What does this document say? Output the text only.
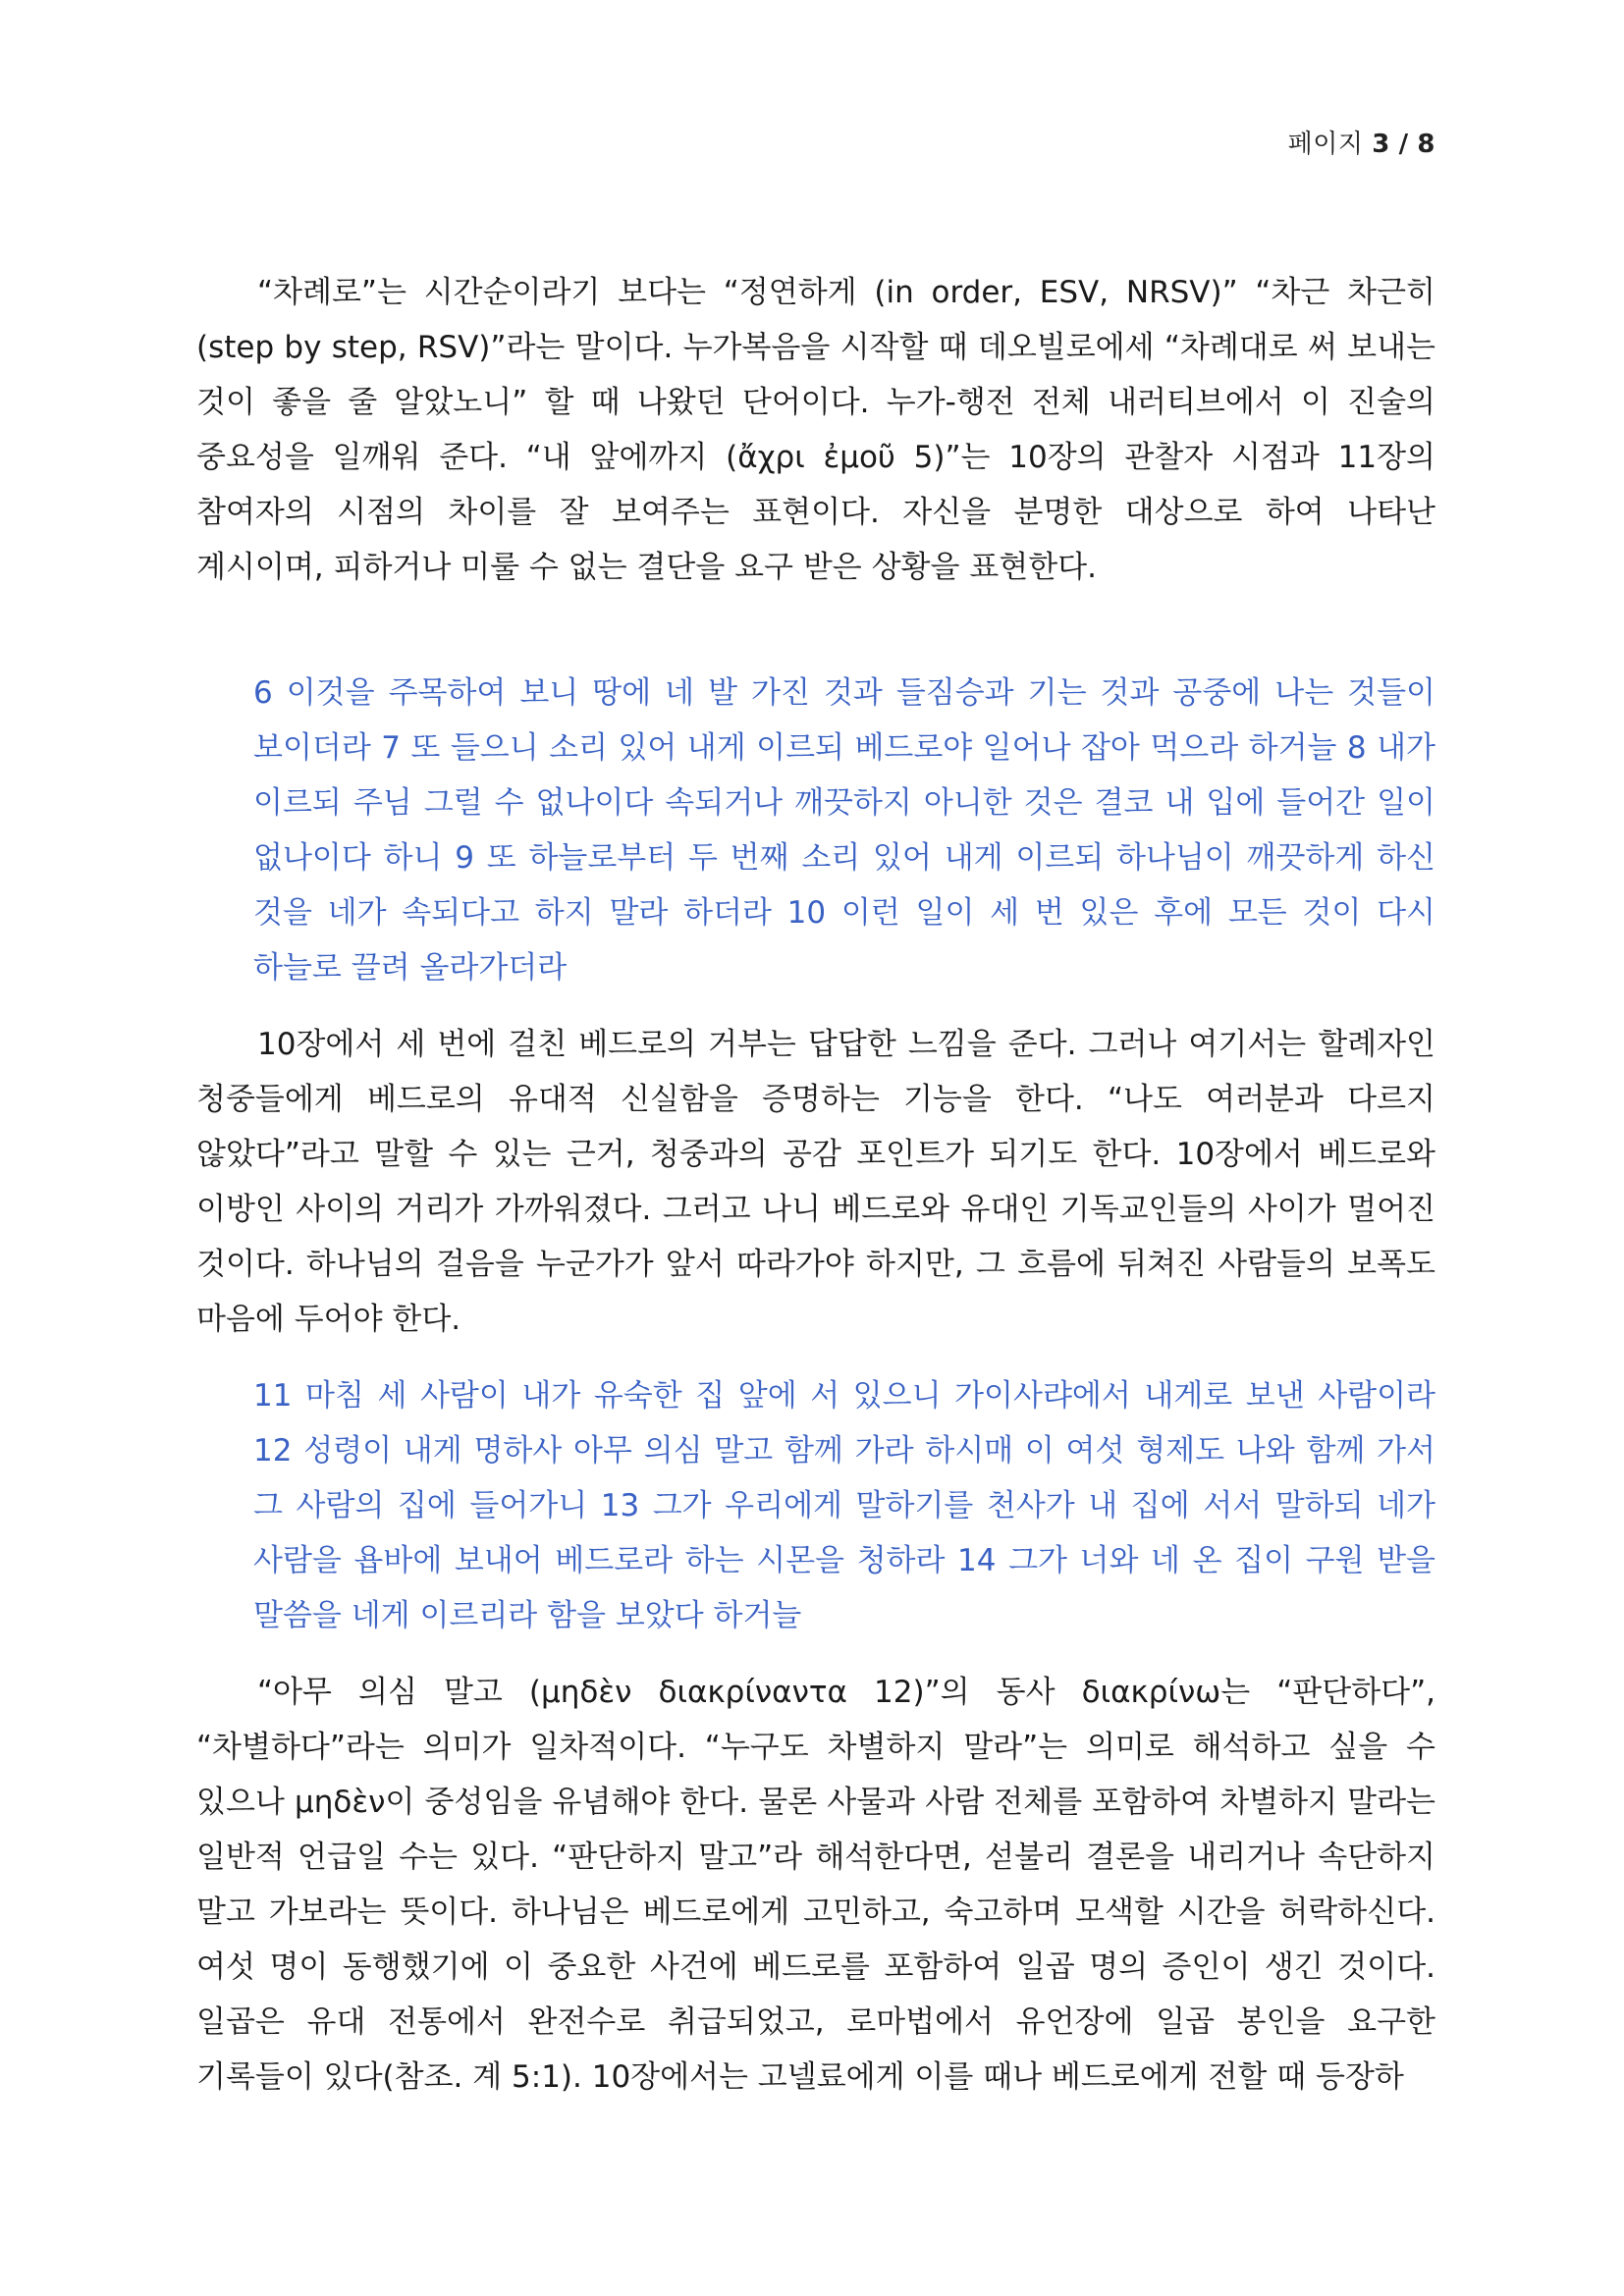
페이지 3 / 8

“차례로”는 시간순이라기 보다는 “정연하게 (in order, ESV, NRSV)” “차근 차근히 (step by step, RSV)”라는 말이다. 누가복음을 시작할 때 데오빌로에세 “차례대로 써 보내는 것이 좋을 줄 알았노니” 할 때 나왔던 단어이다. 누가-행전 전체 내러티브에서 이 진술의 중요성을 일깨워 준다. “내 앞에까지 (ἄχρι ἐμοῦ 5)”는 10장의 관찰자 시점과 11장의 참여자의 시점의 차이를 잘 보여주는 표현이다. 자신을 분명한 대상으로 하여 나타난 계시이며, 피하거나 미룰 수 없는 결단을 요구 받은 상황을 표현한다.

6 이것을 주목하여 보니 땅에 네 발 가진 것과 들짐승과 기는 것과 공중에 나는 것들이 보이더라 7 또 들으니 소리 있어 내게 이르되 베드로야 일어나 잡아 먹으라 하거늘 8 내가 이르되 주님 그럴 수 없나이다 속되거나 깨끗하지 아니한 것은 결코 내 입에 들어간 일이 없나이다 하니 9 또 하늘로부터 두 번째 소리 있어 내게 이르되 하나님이 깨끗하게 하신 것을 네가 속되다고 하지 말라 하더라 10 이런 일이 세 번 있은 후에 모든 것이 다시 하늘로 끌려 올라가더라

10장에서 세 번에 걸친 베드로의 거부는 답답한 느낌을 준다. 그러나 여기서는 할례자인 청중들에게 베드로의 유대적 신실함을 증명하는 기능을 한다. “나도 여러분과 다르지 않았다”라고 말할 수 있는 근거, 청중과의 공감 포인트가 되기도 한다. 10장에서 베드로와 이방인 사이의 거리가 가까워졌다. 그러고 나니 베드로와 유대인 기독교인들의 사이가 멀어진 것이다. 하나님의 걸음을 누군가가 앞서 따라가야 하지만, 그 흐름에 뒤쳐진 사람들의 보폭도 마음에 두어야 한다.

11 마침 세 사람이 내가 유숙한 집 앞에 서 있으니 가이사랴에서 내게로 보낸 사람이라 12 성령이 내게 명하사 아무 의심 말고 함께 가라 하시매 이 여섯 형제도 나와 함께 가서 그 사람의 집에 들어가니 13 그가 우리에게 말하기를 천사가 내 집에 서서 말하되 네가 사람을 욥바에 보내어 베드로라 하는 시몬을 청하라 14 그가 너와 네 온 집이 구원 받을 말씀을 네게 이르리라 함을 보았다 하거늘

“아무 의심 말고 (μηδὲν διακρίναντα 12)”의 동사 διακρίνω는 “판단하다”, “차별하다”라는 의미가 일차적이다. “누구도 차별하지 말라”는 의미로 해석하고 싶을 수 있으나 μηδὲν이 중성임을 유념해야 한다. 물론 사물과 사람 전체를 포함하여 차별하지 말라는 일반적 언급일 수는 있다. “판단하지 말고”라 해석한다면, 섣불리 결론을 내리거나 속단하지 말고 가보라는 뜻이다. 하나님은 베드로에게 고민하고, 숙고하며 모색할 시간을 허락하신다. 여섯 명이 동행했기에 이 중요한 사건에 베드로를 포함하여 일곱 명의 증인이 생긴 것이다. 일곱은 유대 전통에서 완전수로 취급되었고, 로마법에서 유언장에 일곱 봉인을 요구한 기록들이 있다(참조. 계 5:1). 10장에서는 고넬료에게 이를 때나 베드로에게 전할 때 등장하
